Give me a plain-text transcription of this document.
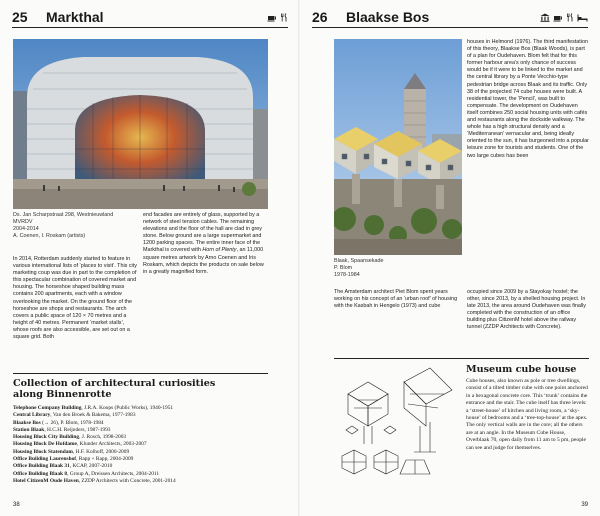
25	Markthal
Ds. Jan Scharpstraat 298, Westnieuwland
MVRDV
2004-2014
A. Coenen, I. Roskam (artists)
In 2014, Rotterdam suddenly started to feature in various international lists of ‘places to visit’. This city marketing coup was due in part to the completion of this spectacular combination of covered market and housing. The horseshoe shaped building mass contains 200 apartments, each with a window overlooking the market. On the ground floor of the horseshoe are shops and restaurants. The arch covers a public space of 120 × 70 metres and a height of 40 metres. Permanent ‘market stalls’, whose roofs are also accessible, are set out on a square grid. Both
end facades are entirely of glass, supported by a network of steel tension cables. The remaining elevations and the floor of the hall are clad in grey stone. Below ground are a large supermarket and 1200 parking spaces. The entire inner face of the Markthal is covered with Horn of Plenty, an 11,000 square metres artwork by Arno Coenen and Iris Roskam, which depicts the products on sale below in a greatly magnified form.
Collection of architectural curiosities
along Binnenrotte
Telephone Company Building, J.R.A. Koops (Public Works), 1940-1951
Central Library, Van den Broek & Bakema, 1977-1983
Blaakse Bos (→ 26), P. Blom, 1978-1984
Station Blaak, H.C.H. Reijnders, 1987-1993
Housing Block City Building, J. Rosch, 1998-2003
Housing Block De Hofdame, Klunder Architects, 2003-2007
Housing Block Statendam, H.F. Kolhoff, 2000-2009
Office Building Laurenshof, Rapp + Rapp, 2004-2009
Office Building Blaak 31, KCAP, 2007-2010
Office Building Blaak 8, Group A, Dreissen Architects, 2004-2011
Hotel CitizenM Oude Haven, ZZDP Architects with Concrete, 2001-2014
38
26	Blaakse Bos
Blaak, Spaansekade
P. Blom
1978-1984
The Amsterdam architect Piet Blom spent years working on his concept of an ‘urban roof’ of housing with the Kasbah in Hengelo (1973) and cube
houses in Helmond (1976). The third manifestation of this theory, Blaakse Bos (Blaak Woods), is part of a plan for Oudehaven. Blom felt that for this former harbour area’s only chance of success would be if it were to be linked to the market and the central library by a Ponte Vecchio-type pedestrian bridge across Blaak and its traffic. Only 38 of the projected 74 cube houses were built. A residential tower, the ‘Pencil’, was built to compensate. The development on Oudehaven itself combines 250 social housing units with cafés and restaurants along the dockside walkway. The whole has a high structural density and a ‘Mediterranean’ vernacular and, being ideally oriented to the sun, it has burgeoned into a popular leisure zone for tourists and students. One of the two large cubes has been
occupied since 2009 by a Stayokay hostel; the other, since 2013, by a shelled housing project. In late 2013, the area around Oudehaven was finally completed with the construction of an office building plus CitizenM hotel above the railway tunnel (ZZDP Architects with Concrete).
Museum cube house
Cube houses, also known as pole or tree dwellings, consist of a tilted timber cube with one point anchored in a hexagonal concrete core. This ‘trunk’ contains the entrance and the stair. The cube itself has three levels: a ‘street-house’ of kitchen and living room, a ‘sky-house’ of bedrooms and a ‘tree-top-house’ at the apex. The only vertical walls are in the core; all the others are at an angle. In the Museum Cube House, Overblaak 70, open daily from 11 am to 5 pm, people can see and judge for themselves.
39
